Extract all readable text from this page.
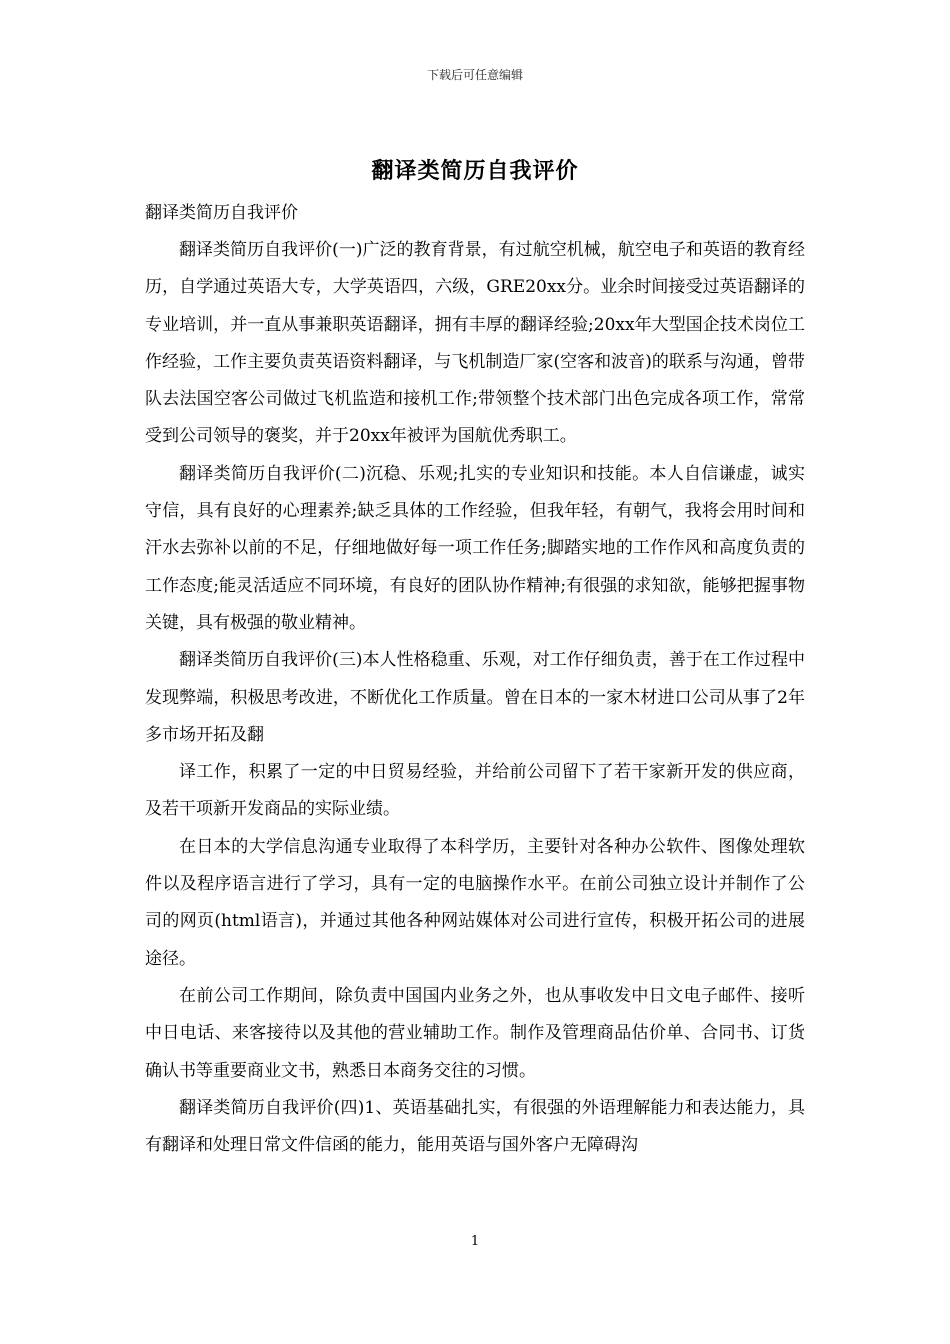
下载后可任意编辑
翻译类简历自我评价

翻译类简历自我评价

翻译类简历自我评价(一)广泛的教育背景，有过航空机械，航空电子和英语的教育经历，自学通过英语大专，大学英语四，六级，GRE20xx分。业余时间接受过英语翻译的专业培训，并一直从事兼职英语翻译，拥有丰厚的翻译经验;20xx年大型国企技术岗位工作经验，工作主要负责英语资料翻译，与飞机制造厂家(空客和波音)的联系与沟通，曾带队去法国空客公司做过飞机监造和接机工作;带领整个技术部门出色完成各项工作，常常受到公司领导的褒奖，并于20xx年被评为国航优秀职工。

翻译类简历自我评价(二)沉稳、乐观;扎实的专业知识和技能。本人自信谦虚，诚实守信，具有良好的心理素养;缺乏具体的工作经验，但我年轻，有朝气，我将会用时间和汗水去弥补以前的不足，仔细地做好每一项工作任务;脚踏实地的工作作风和高度负责的工作态度;能灵活适应不同环境，有良好的团队协作精神;有很强的求知欲，能够把握事物关键，具有极强的敬业精神。

翻译类简历自我评价(三)本人性格稳重、乐观，对工作仔细负责，善于在工作过程中发现弊端，积极思考改进，不断优化工作质量。曾在日本的一家木材进口公司从事了2年多市场开拓及翻

译工作，积累了一定的中日贸易经验，并给前公司留下了若干家新开发的供应商，及若干项新开发商品的实际业绩。

在日本的大学信息沟通专业取得了本科学历，主要针对各种办公软件、图像处理软件以及程序语言进行了学习，具有一定的电脑操作水平。在前公司独立设计并制作了公司的网页(html语言)，并通过其他各种网站媒体对公司进行宣传，积极开拓公司的进展途径。

在前公司工作期间，除负责中国国内业务之外，也从事收发中日文电子邮件、接听中日电话、来客接待以及其他的营业辅助工作。制作及管理商品估价单、合同书、订货确认书等重要商业文书，熟悉日本商务交往的习惯。

翻译类简历自我评价(四)1、英语基础扎实，有很强的外语理解能力和表达能力，具有翻译和处理日常文件信函的能力，能用英语与国外客户无障碍沟

1
